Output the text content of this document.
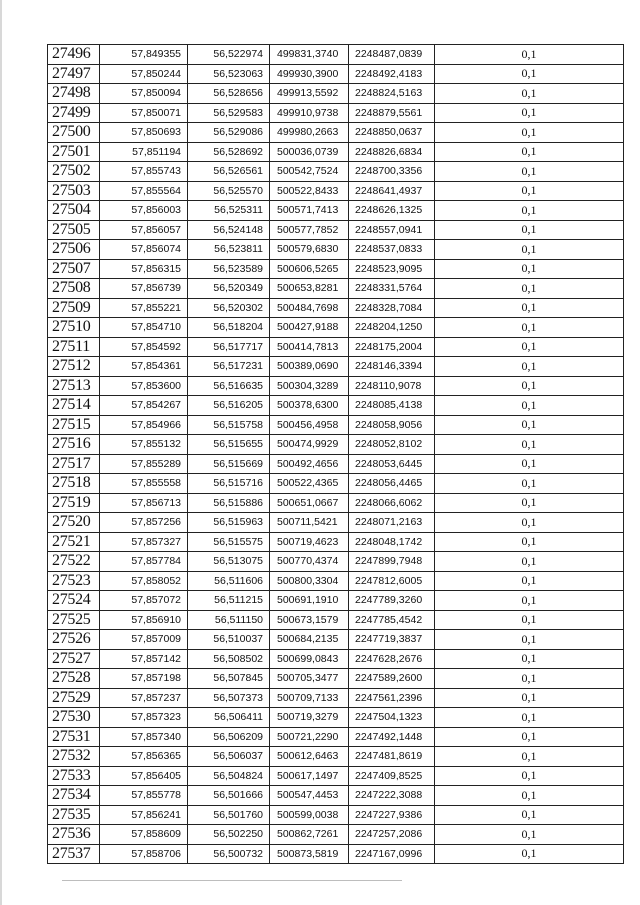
27496	57,849355	56,522974	499831,3740	2248487,0839	0,1
27497	57,850244	56,523063	499930,3900	2248492,4183	0,1
27498	57,850094	56,528656	499913,5592	2248824,5163	0,1
27499	57,850071	56,529583	499910,9738	2248879,5561	0,1
27500	57,850693	56,529086	499980,2663	2248850,0637	0,1
27501	57,851194	56,528692	500036,0739	2248826,6834	0,1
27502	57,855743	56,526561	500542,7524	2248700,3356	0,1
27503	57,855564	56,525570	500522,8433	2248641,4937	0,1
27504	57,856003	56,525311	500571,7413	2248626,1325	0,1
27505	57,856057	56,524148	500577,7852	2248557,0941	0,1
27506	57,856074	56,523811	500579,6830	2248537,0833	0,1
27507	57,856315	56,523589	500606,5265	2248523,9095	0,1
27508	57,856739	56,520349	500653,8281	2248331,5764	0,1
27509	57,855221	56,520302	500484,7698	2248328,7084	0,1
27510	57,854710	56,518204	500427,9188	2248204,1250	0,1
27511	57,854592	56,517717	500414,7813	2248175,2004	0,1
27512	57,854361	56,517231	500389,0690	2248146,3394	0,1
27513	57,853600	56,516635	500304,3289	2248110,9078	0,1
27514	57,854267	56,516205	500378,6300	2248085,4138	0,1
27515	57,854966	56,515758	500456,4958	2248058,9056	0,1
27516	57,855132	56,515655	500474,9929	2248052,8102	0,1
27517	57,855289	56,515669	500492,4656	2248053,6445	0,1
27518	57,855558	56,515716	500522,4365	2248056,4465	0,1
27519	57,856713	56,515886	500651,0667	2248066,6062	0,1
27520	57,857256	56,515963	500711,5421	2248071,2163	0,1
27521	57,857327	56,515575	500719,4623	2248048,1742	0,1
27522	57,857784	56,513075	500770,4374	2247899,7948	0,1
27523	57,858052	56,511606	500800,3304	2247812,6005	0,1
27524	57,857072	56,511215	500691,1910	2247789,3260	0,1
27525	57,856910	56,511150	500673,1579	2247785,4542	0,1
27526	57,857009	56,510037	500684,2135	2247719,3837	0,1
27527	57,857142	56,508502	500699,0843	2247628,2676	0,1
27528	57,857198	56,507845	500705,3477	2247589,2600	0,1
27529	57,857237	56,507373	500709,7133	2247561,2396	0,1
27530	57,857323	56,506411	500719,3279	2247504,1323	0,1
27531	57,857340	56,506209	500721,2290	2247492,1448	0,1
27532	57,856365	56,506037	500612,6463	2247481,8619	0,1
27533	57,856405	56,504824	500617,1497	2247409,8525	0,1
27534	57,855778	56,501666	500547,4453	2247222,3088	0,1
27535	57,856241	56,501760	500599,0038	2247227,9386	0,1
27536	57,858609	56,502250	500862,7261	2247257,2086	0,1
27537	57,858706	56,500732	500873,5819	2247167,0996	0,1
